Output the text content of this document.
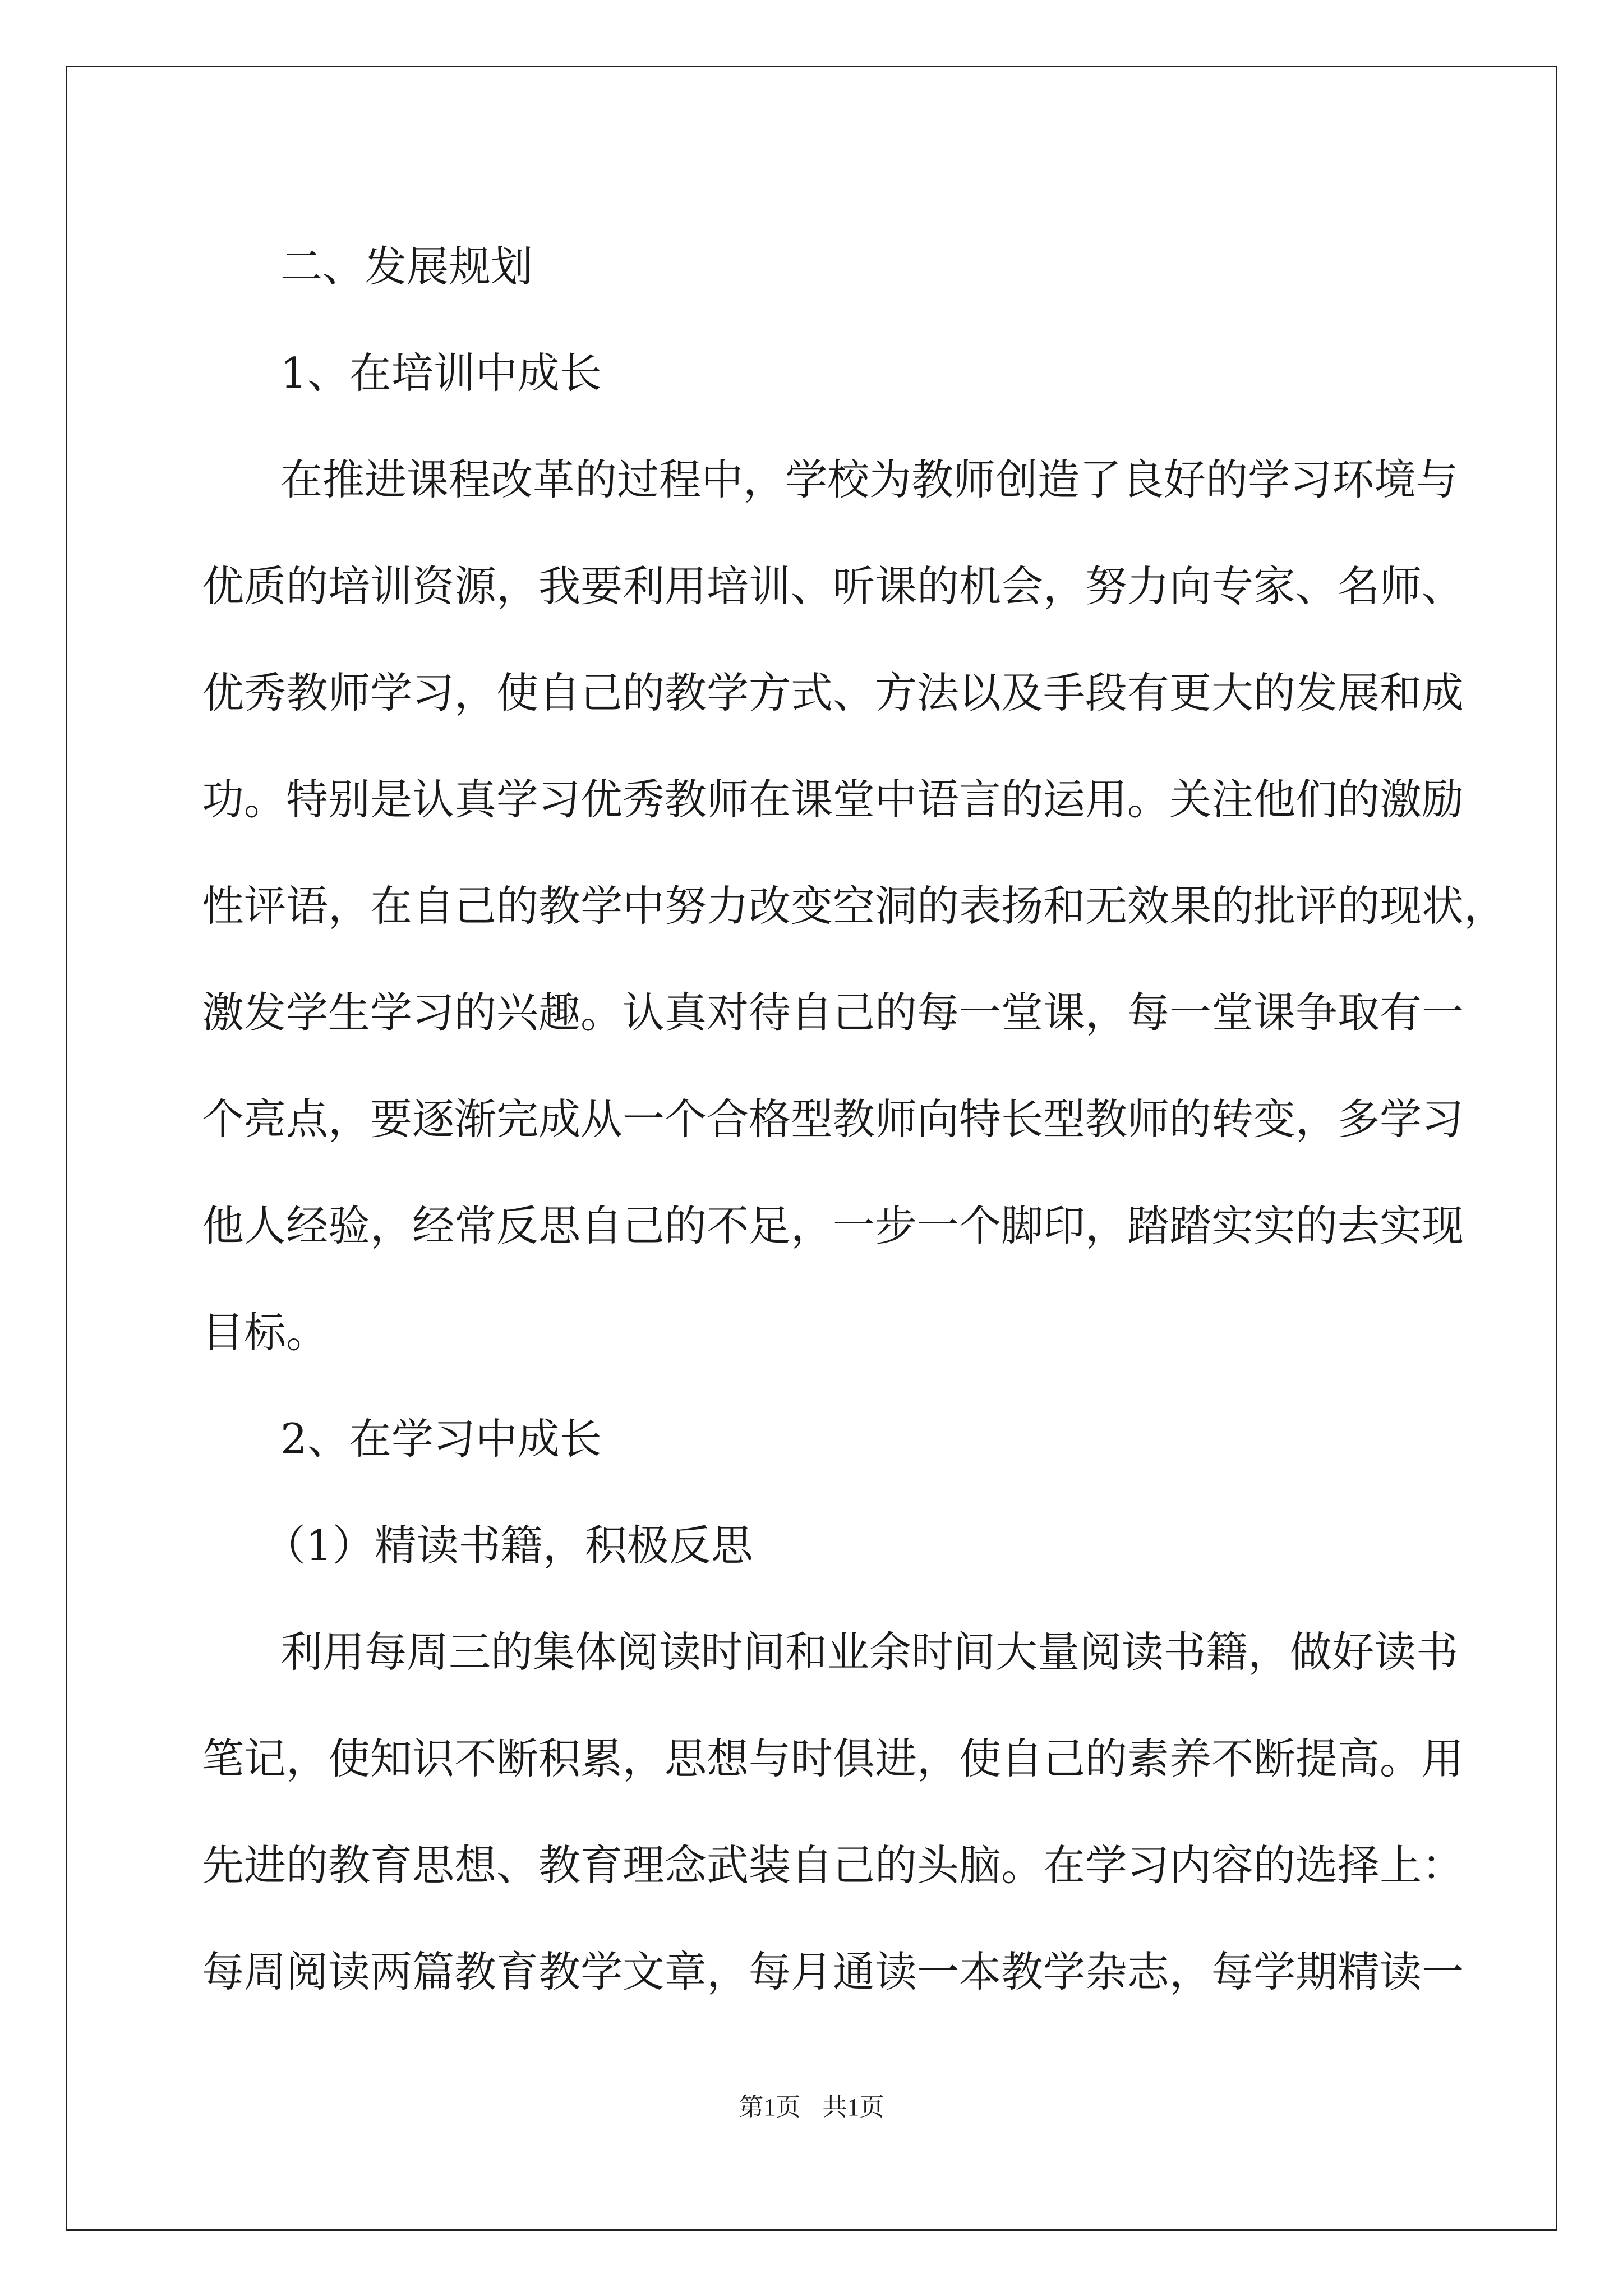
二、发展规划
1、在培训中成长
在推进课程改革的过程中，学校为教师创造了良好的学习环境与
优质的培训资源，我要利用培训、听课的机会，努力向专家、名师、
优秀教师学习，使自己的教学方式、方法以及手段有更大的发展和成
功。特别是认真学习优秀教师在课堂中语言的运用。关注他们的激励
性评语，在自己的教学中努力改变空洞的表扬和无效果的批评的现状，
激发学生学习的兴趣。认真对待自己的每一堂课，每一堂课争取有一
个亮点，要逐渐完成从一个合格型教师向特长型教师的转变，多学习
他人经验，经常反思自己的不足，一步一个脚印，踏踏实实的去实现
目标。
2、在学习中成长
（1）精读书籍，积极反思
利用每周三的集体阅读时间和业余时间大量阅读书籍，做好读书
笔记，使知识不断积累，思想与时俱进，使自己的素养不断提高。用
先进的教育思想、教育理念武装自己的头脑。在学习内容的选择上：
每周阅读两篇教育教学文章，每月通读一本教学杂志，每学期精读一
第1页 共1页
